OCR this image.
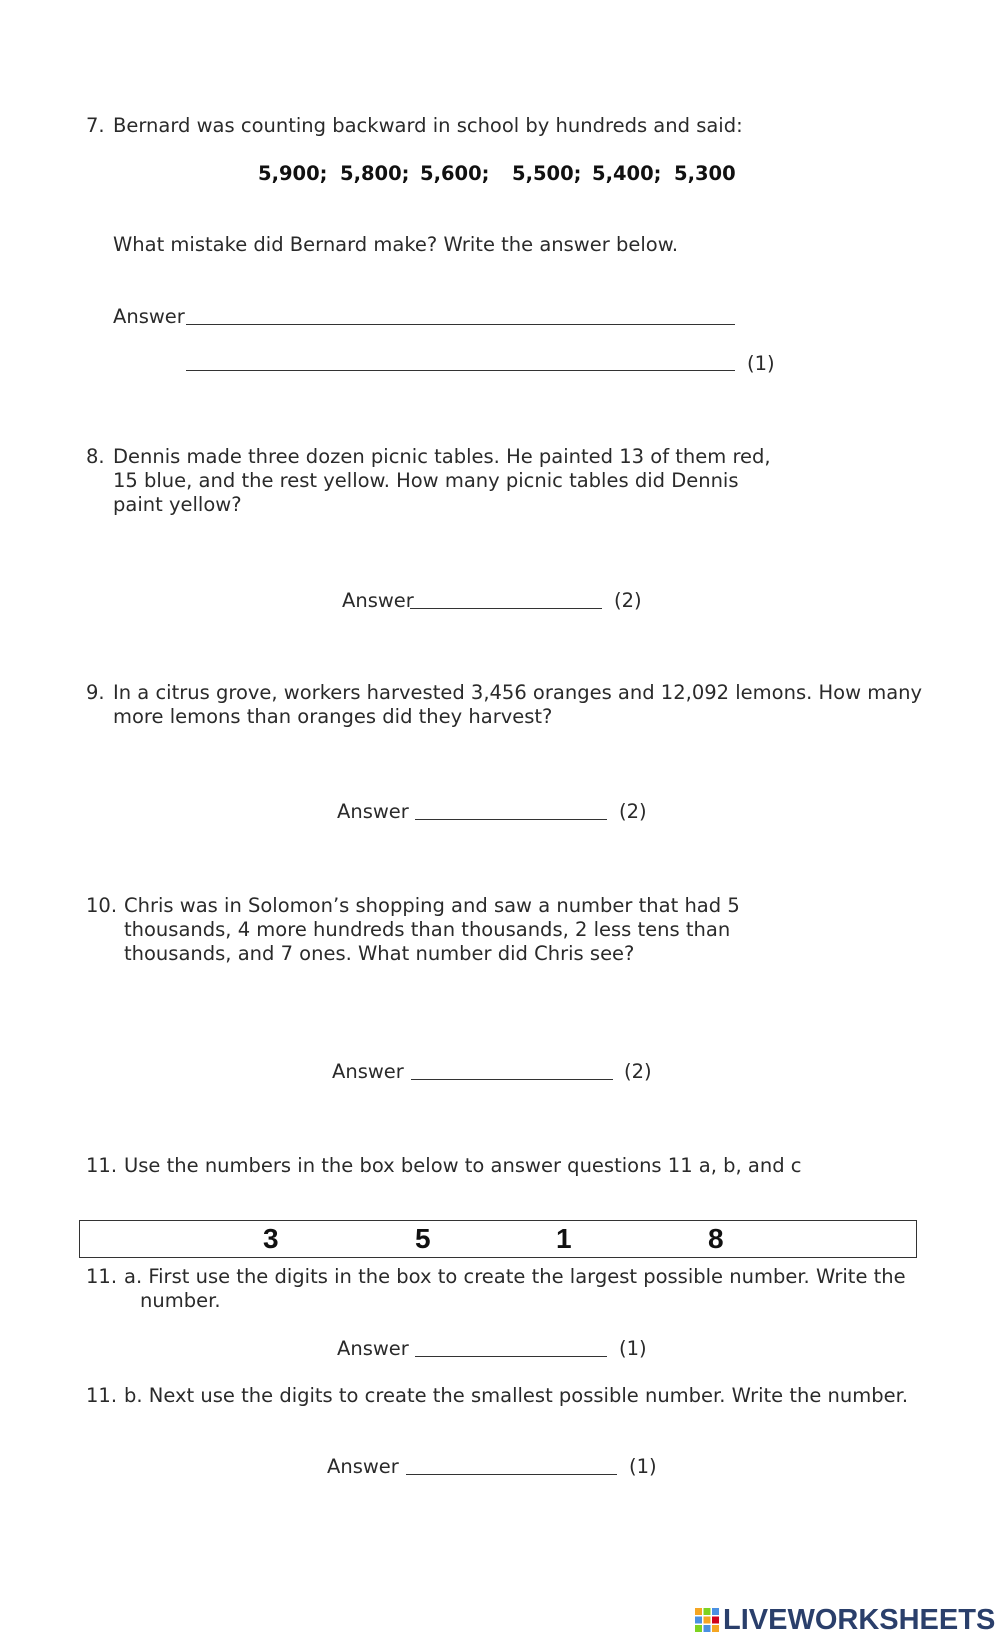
7. Bernard was counting backward in school by hundreds and said:
5,900; 5,800; 5,600; 5,500; 5,400; 5,300
What mistake did Bernard make? Write the answer below.
Answer
(1)
8. Dennis made three dozen picnic tables. He painted 13 of them red,
15 blue, and the rest yellow. How many picnic tables did Dennis
paint yellow?
Answer	(2)
9. In a citrus grove, workers harvested 3,456 oranges and 12,092 lemons. How many
more lemons than oranges did they harvest?
Answer	(2)
10. Chris was in Solomon’s shopping and saw a number that had 5
thousands, 4 more hundreds than thousands, 2 less tens than
thousands, and 7 ones. What number did Chris see?
Answer	(2)
11. Use the numbers in the box below to answer questions 11 a, b, and c
3	5	1	8
11. a. First use the digits in the box to create the largest possible number. Write the
number.
Answer	(1)
11. b. Next use the digits to create the smallest possible number. Write the number.
Answer	(1)
LIVEWORKSHEETS
